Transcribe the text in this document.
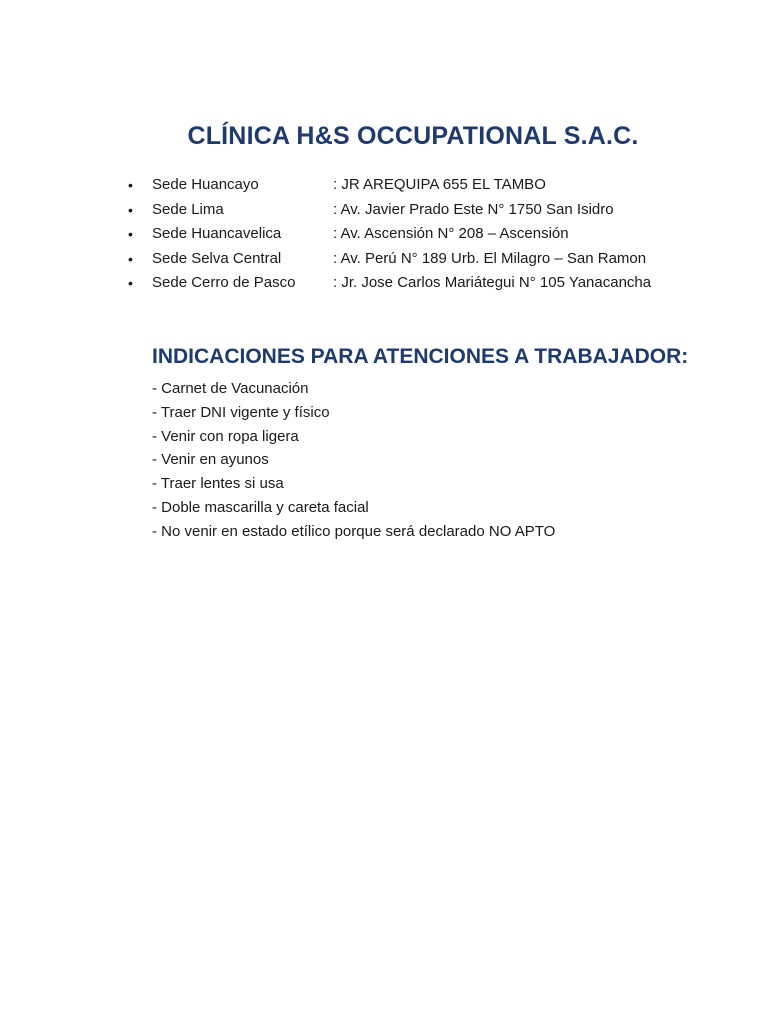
CLÍNICA H&S OCCUPATIONAL S.A.C.
•	Sede Huancayo	: JR AREQUIPA 655 EL TAMBO
•	Sede Lima	: Av. Javier Prado Este N° 1750 San Isidro
•	Sede Huancavelica	: Av. Ascensión N° 208 – Ascensión
•	Sede Selva Central	: Av. Perú N° 189 Urb. El Milagro – San Ramon
•	Sede Cerro de Pasco	: Jr. Jose Carlos Mariátegui N° 105 Yanacancha
INDICACIONES PARA ATENCIONES A TRABAJADOR:
- Carnet de Vacunación
- Traer DNI vigente y físico
- Venir con ropa ligera
- Venir en ayunos
- Traer lentes si usa
- Doble mascarilla y careta facial
- No venir en estado etílico porque será declarado NO APTO
